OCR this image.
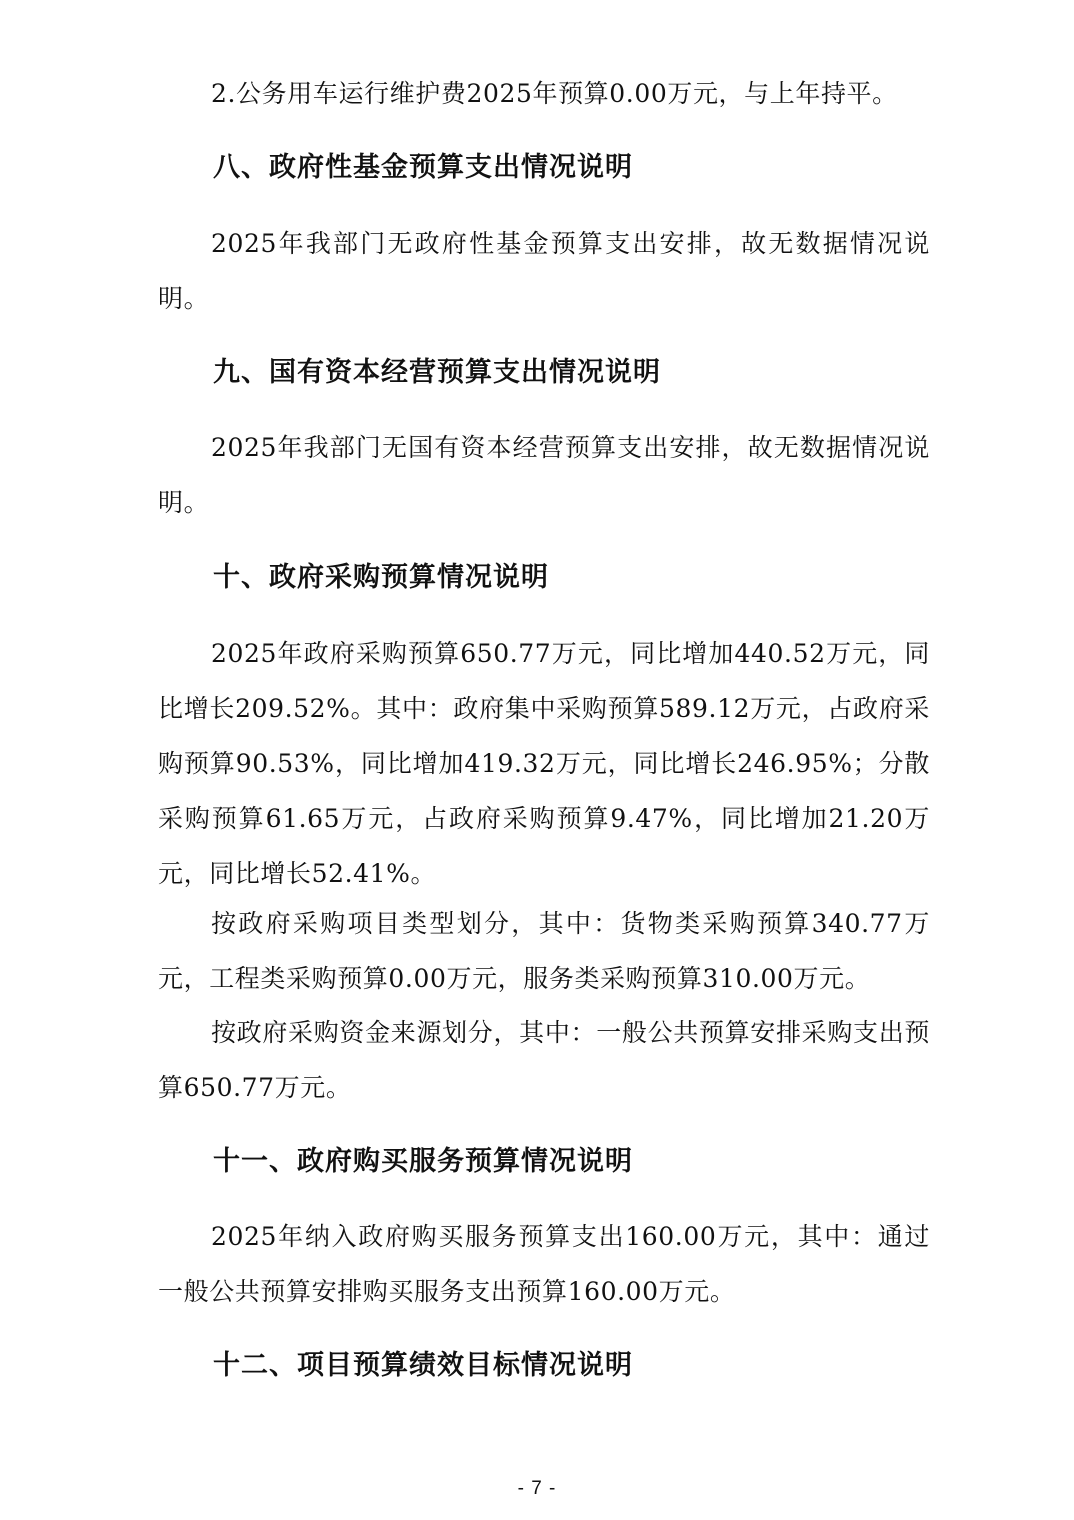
2.公务用车运行维护费2025年预算0.00万元，与上年持平。

八、政府性基金预算支出情况说明

2025年我部门无政府性基金预算支出安排，故无数据情况说明。

九、国有资本经营预算支出情况说明

2025年我部门无国有资本经营预算支出安排，故无数据情况说明。

十、政府采购预算情况说明

2025年政府采购预算650.77万元，同比增加440.52万元，同比增长209.52%。其中：政府集中采购预算589.12万元，占政府采购预算90.53%，同比增加419.32万元，同比增长246.95%；分散采购预算61.65万元，占政府采购预算9.47%，同比增加21.20万元，同比增长52.41%。

按政府采购项目类型划分，其中：货物类采购预算340.77万元，工程类采购预算0.00万元，服务类采购预算310.00万元。

按政府采购资金来源划分，其中：一般公共预算安排采购支出预算650.77万元。

十一、政府购买服务预算情况说明

2025年纳入政府购买服务预算支出160.00万元，其中：通过一般公共预算安排购买服务支出预算160.00万元。

十二、项目预算绩效目标情况说明
- 7 -
